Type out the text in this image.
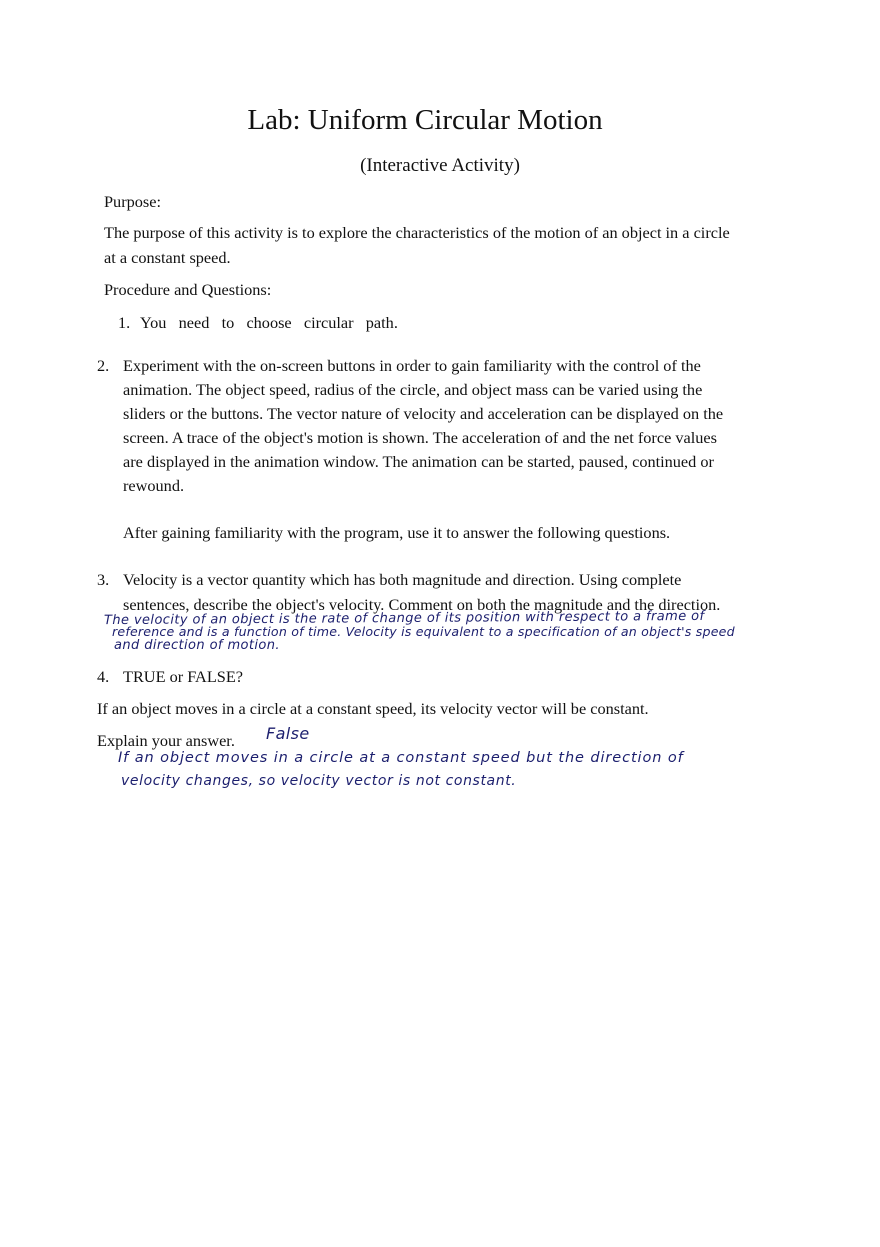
Lab: Uniform Circular Motion
(Interactive Activity)
Purpose:
The purpose of this activity is to explore the characteristics of the motion of an object in a circle
at a constant speed.
Procedure and Questions:
1. You   need   to   choose   circular   path.
2. Experiment with the on-screen buttons in order to gain familiarity with the control of the
animation. The object speed, radius of the circle, and object mass can be varied using the
sliders or the buttons. The vector nature of velocity and acceleration can be displayed on the
screen. A trace of the object's motion is shown. The acceleration of and the net force values
are displayed in the animation window. The animation can be started, paused, continued or
rewound.
After gaining familiarity with the program, use it to answer the following questions.
3. Velocity is a vector quantity which has both magnitude and direction. Using complete
sentences, describe the object's velocity. Comment on both the magnitude and the direction.
The velocity of an object is the rate of change of its position with respect to a frame of
reference and is a function of time. Velocity is equivalent to a specification of an object's speed
and direction of motion.
4. TRUE or FALSE?
If an object moves in a circle at a constant speed, its velocity vector will be constant.
Explain your answer. False
If an object moves in a circle at a constant speed but the direction of
velocity changes, so velocity vector is not constant.
